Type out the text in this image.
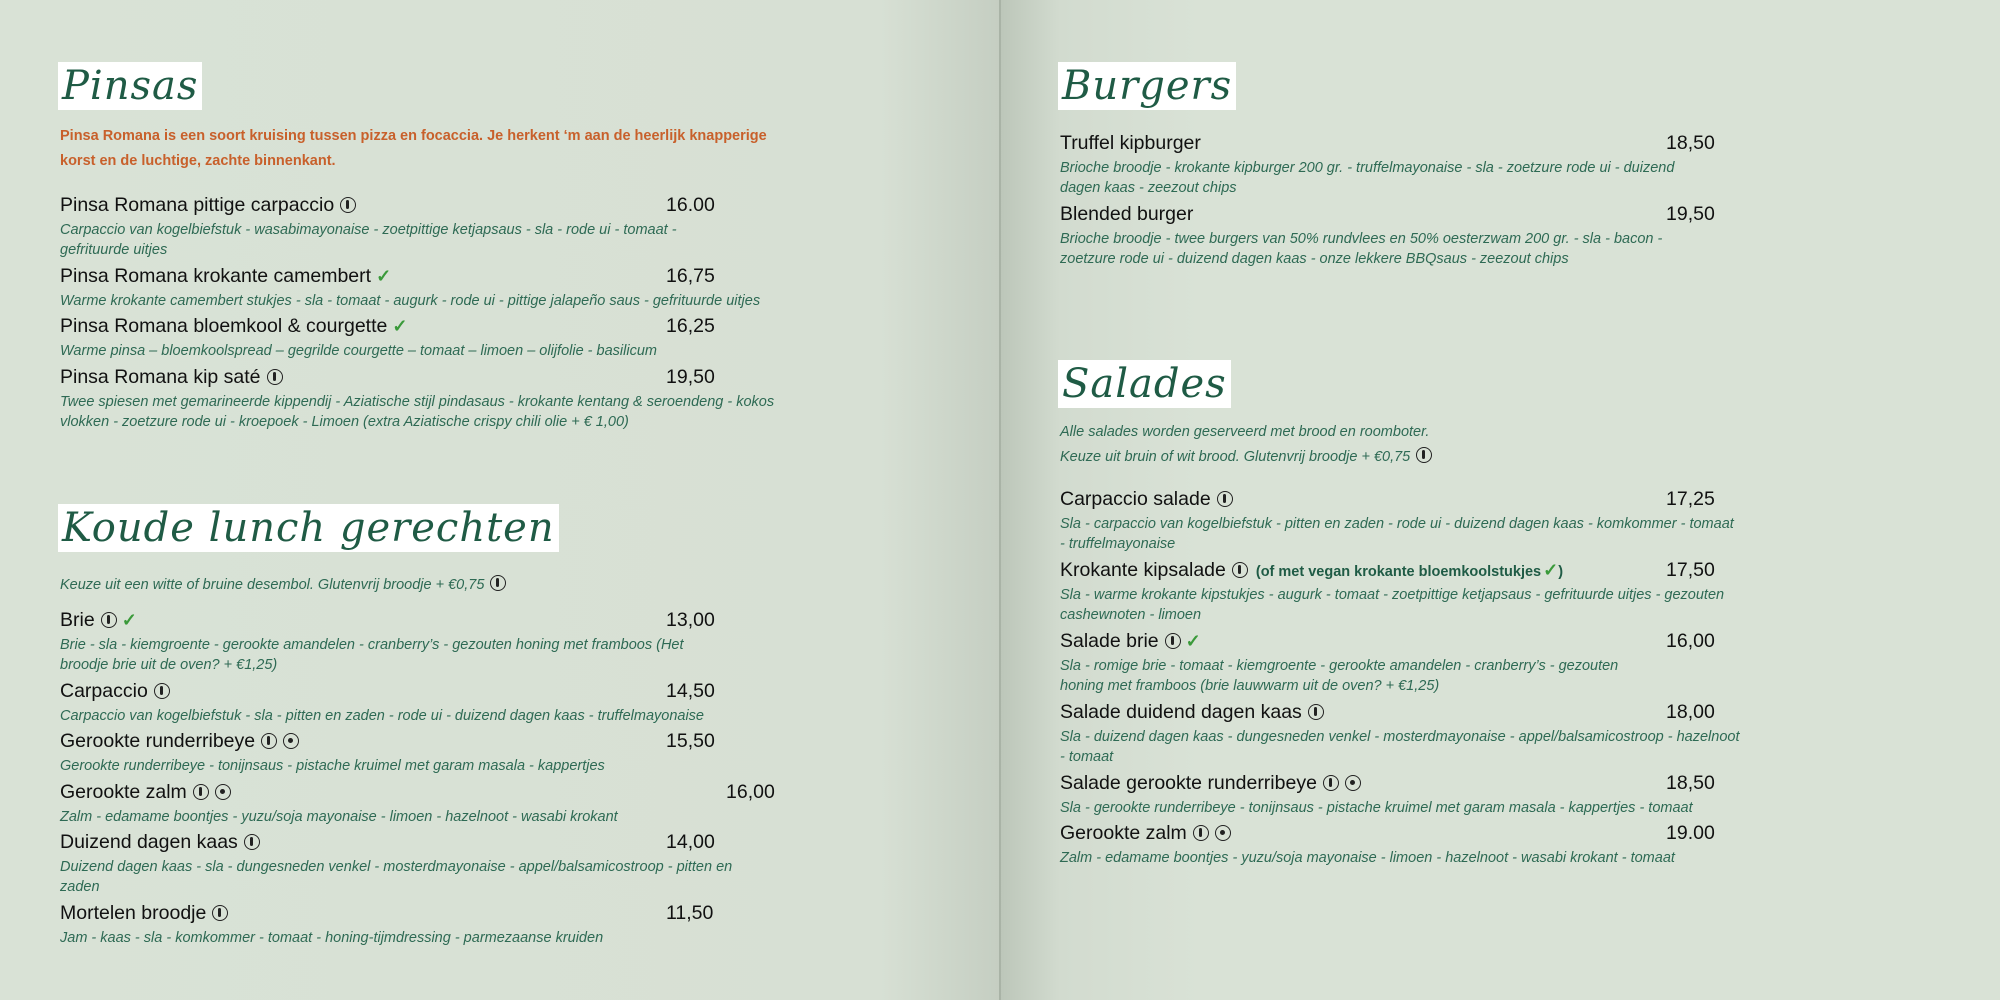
Pinsas
Pinsa Romana is een soort kruising tussen pizza en focaccia. Je herkent ‘m aan de heerlijk knapperige korst en de luchtige, zachte binnenkant.
Pinsa Romana pittige carpaccio	16.00
Carpaccio van kogelbiefstuk - wasabimayonaise - zoetpittige ketjapsaus - sla - rode ui - tomaat - gefrituurde uitjes
Pinsa Romana krokante camembert ✓	16,75
Warme krokante camembert stukjes - sla - tomaat - augurk - rode ui - pittige jalapeño saus - gefrituurde uitjes
Pinsa Romana bloemkool & courgette ✓	16,25
Warme pinsa – bloemkoolspread – gegrilde courgette – tomaat – limoen – olijfolie - basilicum
Pinsa Romana kip saté	19,50
Twee spiesen met gemarineerde kippendij - Aziatische stijl pindasaus - krokante kentang & seroendeng - kokos vlokken - zoetzure rode ui - kroepoek - Limoen (extra Aziatische crispy chili olie + € 1,00)
Koude lunch gerechten
Keuze uit een witte of bruine desembol. Glutenvrij broodje + €0,75
Brie ✓	13,00
Brie - sla - kiemgroente - gerookte amandelen - cranberry’s - gezouten honing met framboos (Het broodje brie uit de oven? + €1,25)
Carpaccio	14,50
Carpaccio van kogelbiefstuk - sla - pitten en zaden - rode ui - duizend dagen kaas - truffelmayonaise
Gerookte runderribeye	15,50
Gerookte runderribeye - tonijnsaus - pistache kruimel met garam masala - kappertjes
Gerookte zalm	16,00
Zalm - edamame boontjes - yuzu/soja mayonaise - limoen - hazelnoot - wasabi krokant
Duizend dagen kaas	14,00
Duizend dagen kaas - sla - dungesneden venkel - mosterdmayonaise - appel/balsamicostroop - pitten en zaden
Mortelen broodje	11,50
Jam - kaas - sla - komkommer - tomaat - honing-tijmdressing - parmezaanse kruiden
Burgers
Truffel kipburger	18,50
Brioche broodje - krokante kipburger 200 gr. - truffelmayonaise - sla - zoetzure rode ui - duizend dagen kaas - zeezout chips
Blended burger	19,50
Brioche broodje - twee burgers van 50% rundvlees en 50% oesterzwam 200 gr. - sla - bacon - zoetzure rode ui - duizend dagen kaas - onze lekkere BBQsaus - zeezout chips
Salades
Alle salades worden geserveerd met brood en roomboter.
Keuze uit bruin of wit brood. Glutenvrij broodje + €0,75
Carpaccio salade	17,25
Sla - carpaccio van kogelbiefstuk - pitten en zaden - rode ui - duizend dagen kaas - komkommer - tomaat - truffelmayonaise
Krokante kipsalade (of met vegan krokante bloemkoolstukjes ✓)	17,50
Sla - warme krokante kipstukjes - augurk - tomaat - zoetpittige ketjapsaus - gefrituurde uitjes - gezouten cashewnoten - limoen
Salade brie ✓	16,00
Sla - romige brie - tomaat - kiemgroente - gerookte amandelen - cranberry’s - gezouten honing met framboos (brie lauwwarm uit de oven? + €1,25)
Salade duidend dagen kaas	18,00
Sla - duizend dagen kaas - dungesneden venkel - mosterdmayonaise - appel/balsamicostroop - hazelnoot - tomaat
Salade gerookte runderribeye	18,50
Sla - gerookte runderribeye - tonijnsaus - pistache kruimel met garam masala - kappertjes - tomaat
Gerookte zalm	19.00
Zalm - edamame boontjes - yuzu/soja mayonaise - limoen - hazelnoot - wasabi krokant - tomaat
